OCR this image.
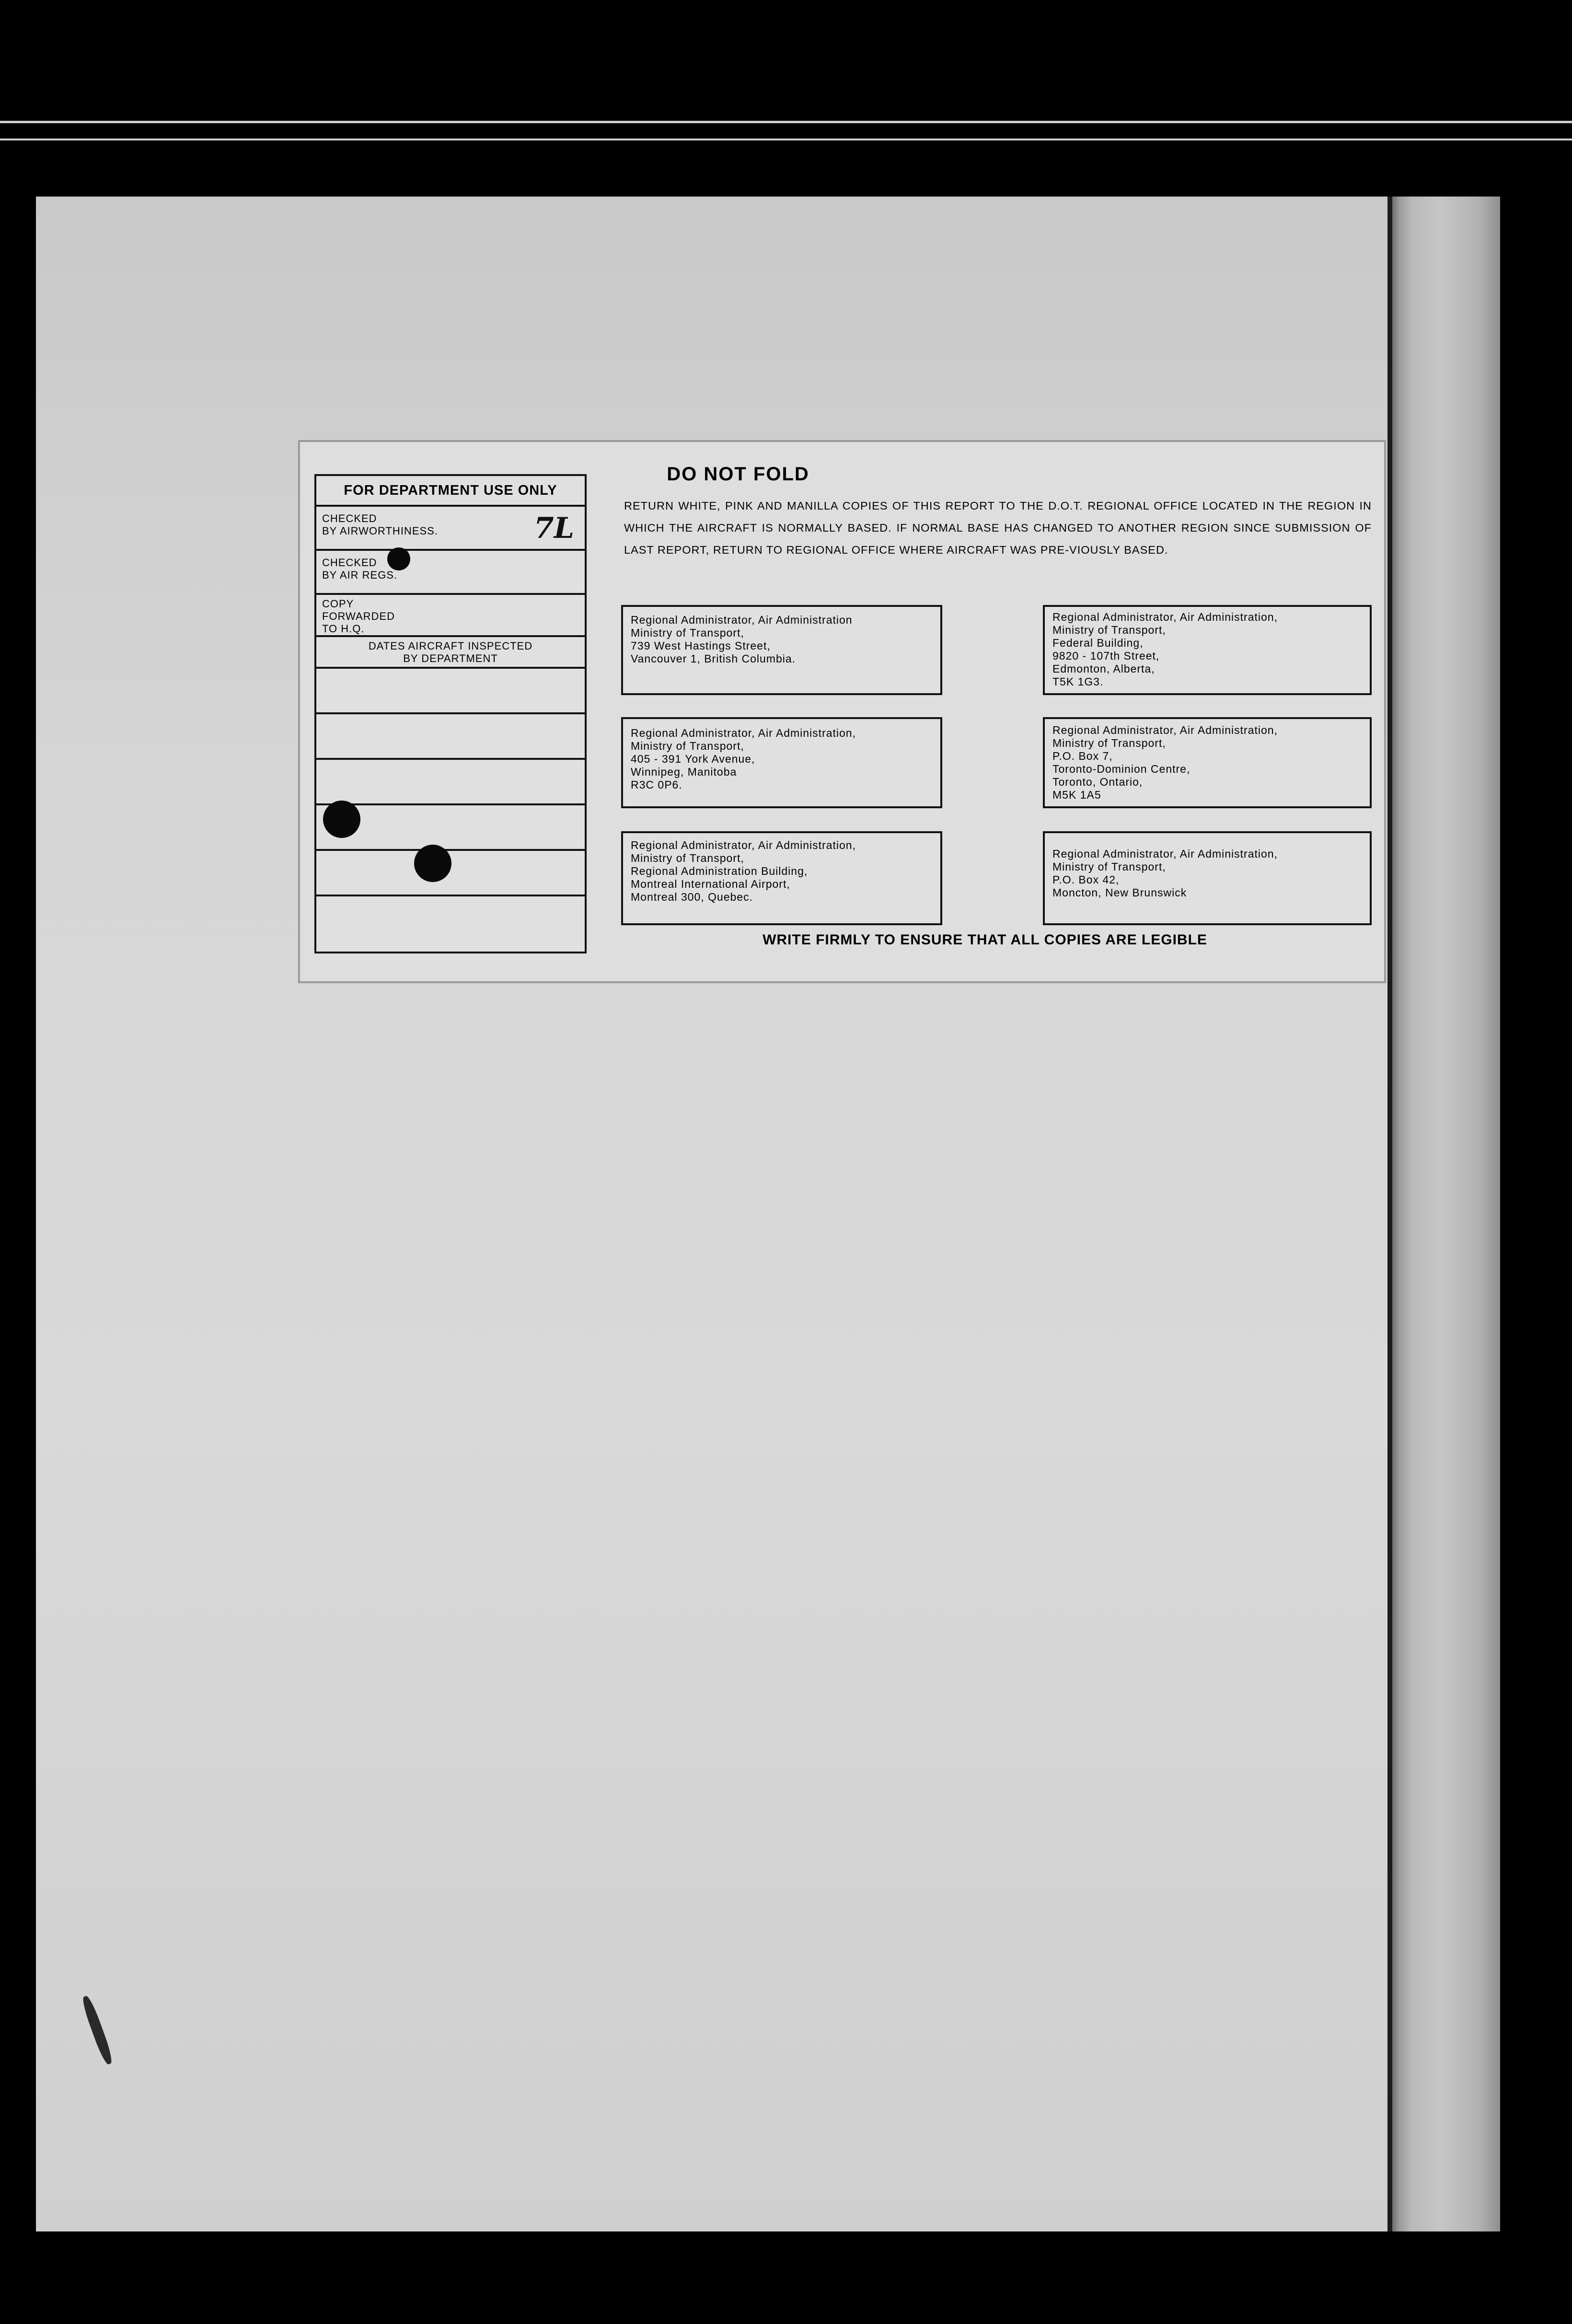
FOR DEPARTMENT USE ONLY
CHECKED
BY AIRWORTHINESS.
CHECKED
BY AIR REGS.
COPY
FORWARDED
TO H.Q.
DATES AIRCRAFT INSPECTED
BY DEPARTMENT
7L
DO NOT FOLD
RETURN WHITE, PINK AND MANILLA COPIES OF THIS REPORT TO THE D.O.T. REGIONAL OFFICE LOCATED IN THE REGION IN WHICH THE AIRCRAFT IS NORMALLY BASED. IF NORMAL BASE HAS CHANGED TO ANOTHER REGION SINCE SUBMISSION OF LAST REPORT, RETURN TO REGIONAL OFFICE WHERE AIRCRAFT WAS PRE-VIOUSLY BASED.
Regional Administrator, Air Administration
Ministry of Transport,
739 West Hastings Street,
Vancouver 1, British Columbia.
Regional Administrator, Air Administration,
Ministry of Transport,
Federal Building,
9820 - 107th Street,
Edmonton, Alberta,
T5K 1G3.
Regional Administrator, Air Administration,
Ministry of Transport,
405 - 391 York Avenue,
Winnipeg, Manitoba
R3C 0P6.
Regional Administrator, Air Administration,
Ministry of Transport,
P.O. Box 7,
Toronto-Dominion Centre,
Toronto, Ontario,
M5K 1A5
Regional Administrator, Air Administration,
Ministry of Transport,
Regional Administration Building,
Montreal International Airport,
Montreal 300, Quebec.
Regional Administrator, Air Administration,
Ministry of Transport,
P.O. Box 42,
Moncton, New Brunswick
WRITE FIRMLY TO ENSURE THAT ALL COPIES ARE LEGIBLE
